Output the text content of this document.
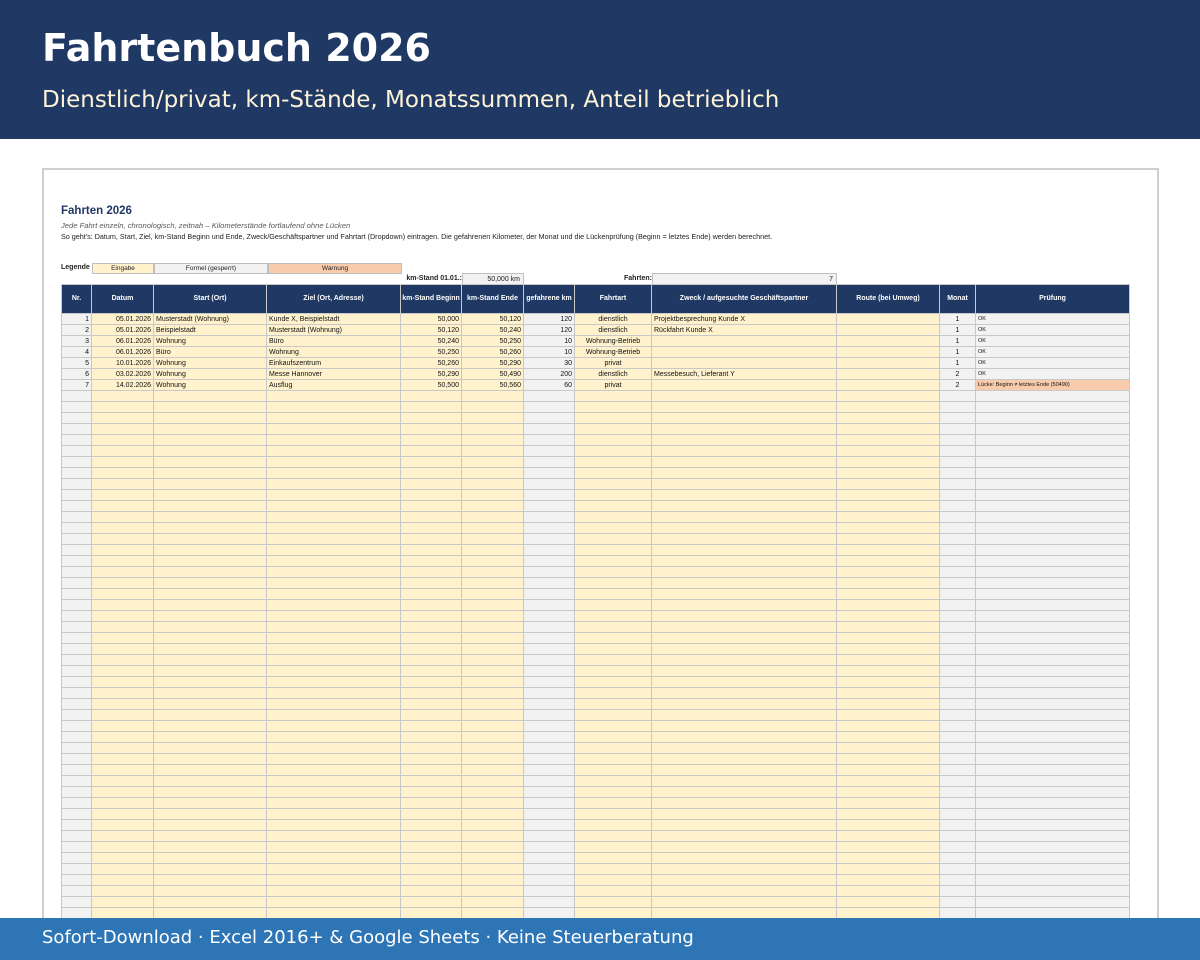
Fahrtenbuch 2026
Dienstlich/privat, km-Stände, Monatssummen, Anteil betrieblich
Fahrten 2026
Jede Fahrt einzeln, chronologisch, zeitnah – Kilometerstände fortlaufend ohne Lücken
So geht's: Datum, Start, Ziel, km-Stand Beginn und Ende, Zweck/Geschäftspartner und Fahrtart (Dropdown) eintragen. Die gefahrenen Kilometer, der Monat und die Lückenprüfung (Beginn = letztes Ende) werden berechnet.
Legende	Eingabe	Formel (gesperrt)	Warnung
km-Stand 01.01.:	50,000 km	Fahrten:	7
Nr.	Datum	Start (Ort)	Ziel (Ort, Adresse)	km-Stand Beginn	km-Stand Ende	gefahrene km	Fahrtart	Zweck / aufgesuchte Geschäftspartner	Route (bei Umweg)	Monat	Prüfung
1	05.01.2026	Musterstadt (Wohnung)	Kunde X, Beispielstadt	50,000	50,120	120	dienstlich	Projektbesprechung Kunde X		1	OK
2	05.01.2026	Beispielstadt	Musterstadt (Wohnung)	50,120	50,240	120	dienstlich	Rückfahrt Kunde X		1	OK
3	06.01.2026	Wohnung	Büro	50,240	50,250	10	Wohnung-Betrieb			1	OK
4	06.01.2026	Büro	Wohnung	50,250	50,260	10	Wohnung-Betrieb			1	OK
5	10.01.2026	Wohnung	Einkaufszentrum	50,260	50,290	30	privat			1	OK
6	03.02.2026	Wohnung	Messe Hannover	50,290	50,490	200	dienstlich	Messebesuch, Lieferant Y		2	OK
7	14.02.2026	Wohnung	Ausflug	50,500	50,560	60	privat			2	Lücke: Beginn ≠ letztes Ende (50490)

Sofort-Download · Excel 2016+ & Google Sheets · Keine Steuerberatung
